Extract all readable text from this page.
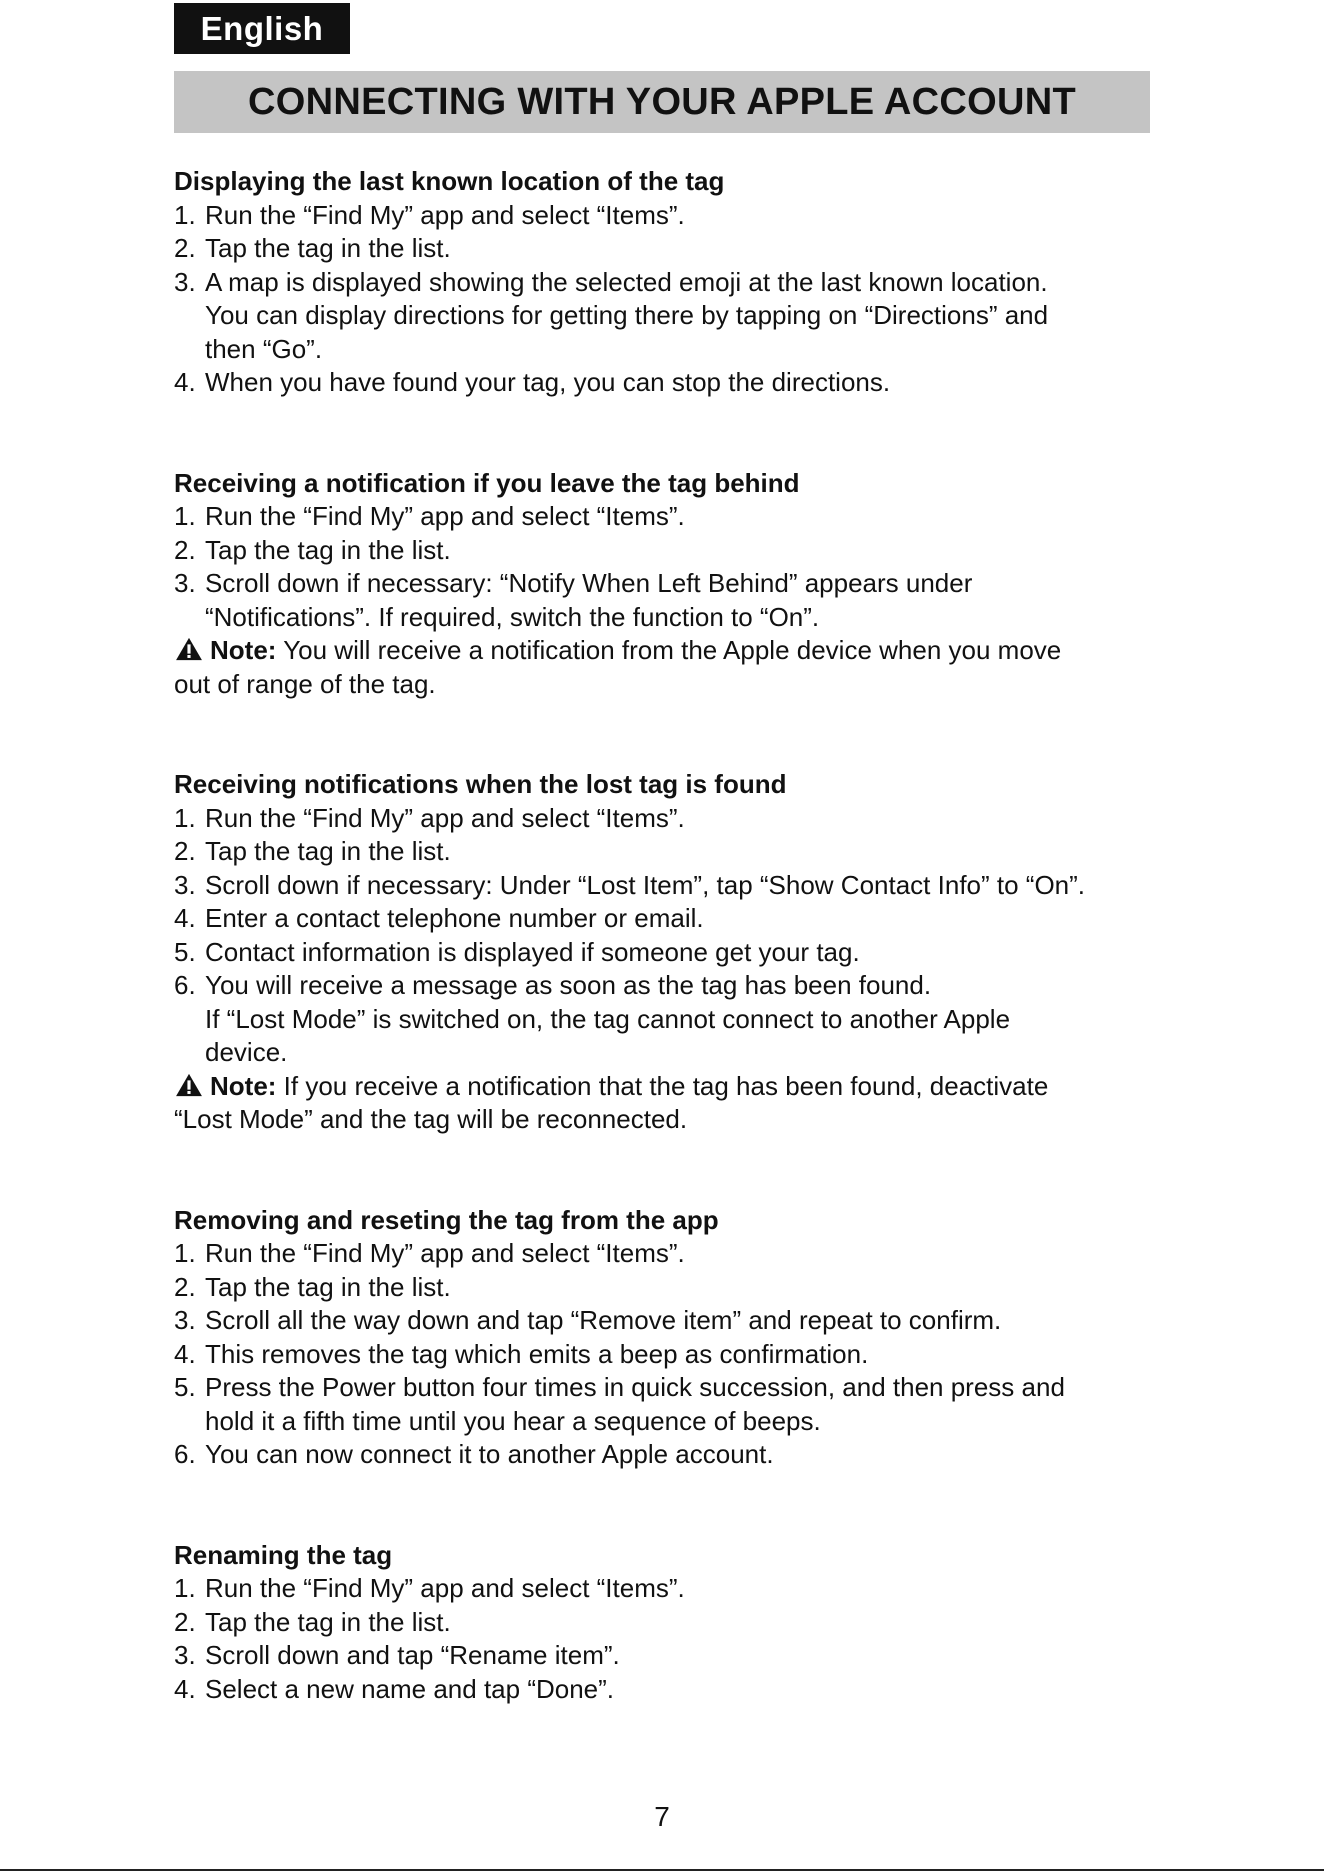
English
CONNECTING WITH YOUR APPLE ACCOUNT
Displaying the last known location of the tag
1. Run the “Find My” app and select “Items”.
2. Tap the tag in the list.
3. A map is displayed showing the selected emoji at the last known location.
You can display directions for getting there by tapping on “Directions” and
then “Go”.
4. When you have found your tag, you can stop the directions.
Receiving a notification if you leave the tag behind
1. Run the “Find My” app and select “Items”.
2. Tap the tag in the list.
3. Scroll down if necessary: “Notify When Left Behind” appears under
“Notifications”. If required, switch the function to “On”.
Note: You will receive a notification from the Apple device when you move
out of range of the tag.
Receiving notifications when the lost tag is found
1. Run the “Find My” app and select “Items”.
2. Tap the tag in the list.
3. Scroll down if necessary: Under “Lost Item”, tap “Show Contact Info” to “On”.
4. Enter a contact telephone number or email.
5. Contact information is displayed if someone get your tag.
6. You will receive a message as soon as the tag has been found.
If “Lost Mode” is switched on, the tag cannot connect to another Apple
device.
Note: If you receive a notification that the tag has been found, deactivate
“Lost Mode” and the tag will be reconnected.
Removing and reseting the tag from the app
1. Run the “Find My” app and select “Items”.
2. Tap the tag in the list.
3. Scroll all the way down and tap “Remove item” and repeat to confirm.
4. This removes the tag which emits a beep as confirmation.
5. Press the Power button four times in quick succession, and then press and
hold it a fifth time until you hear a sequence of beeps.
6. You can now connect it to another Apple account.
Renaming the tag
1. Run the “Find My” app and select “Items”.
2. Tap the tag in the list.
3. Scroll down and tap “Rename item”.
4. Select a new name and tap “Done”.
7
